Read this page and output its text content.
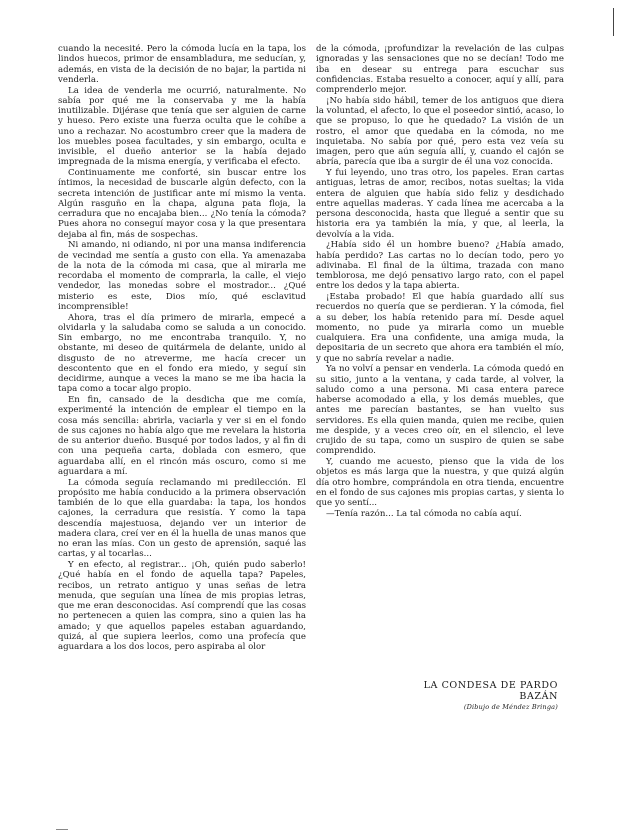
cuando la necesité. Pero la cómoda lucía en la tapa, los lindos huecos, primor de ensambladura, me seducían, y, además, en vista de la decisión de no bajar, la partida ni venderla.

La idea de venderla me ocurrió, naturalmente. No sabía por qué me la conservaba y me la había inutilizable. Dijérase que tenía que ser alguien de carne y hueso. Pero existe una fuerza oculta que le cohíbe a uno a rechazar. No acostumbro creer que la madera de los muebles posea facultades, y sin embargo, oculta e invisible, el dueño anterior se la había dejado impregnada de la misma energía, y verificaba el efecto.

Continuamente me conforté, sin buscar entre los íntimos, la necesidad de buscarle algún defecto, con la secreta intención de justificar ante mí mismo la venta. Algún rasguño en la chapa, alguna pata floja, la cerradura que no encajaba bien... ¿No tenía la cómoda? Pues ahora no conseguí mayor cosa y la que presentara dejaba al fin, más de sospechas.

Ni amando, ni odiando, ni por una mansa indiferencia de vecindad me sentía a gusto con ella. Ya amenazaba de la nota de la cómoda mi casa, que al mirarla me recordaba el momento de comprarla, la calle, el viejo vendedor, las monedas sobre el mostrador... ¿Qué misterio es este, Dios mío, qué esclavitud incomprensible!

Ahora, tras el día primero de mirarla, empecé a olvidarla y la saludaba como se saluda a un conocido. Sin embargo, no me encontraba tranquilo. Y, no obstante, mi deseo de quitármela de delante, unido al disgusto de no atreverme, me hacía crecer un descontento que en el fondo era miedo, y seguí sin decidirme, aunque a veces la mano se me iba hacia la tapa como a tocar algo propio.

En fin, cansado de la desdicha que me comía, experimenté la intención de emplear el tiempo en la cosa más sencilla: abrirla, vaciarla y ver si en el fondo de sus cajones no había algo que me revelara la historia de su anterior dueño. Busqué por todos lados, y al fin di con una pequeña carta, doblada con esmero, que aguardaba allí, en el rincón más oscuro, como si me aguardara a mí.

La cómoda seguía reclamando mi predilección. El propósito me había conducido a la primera observación también de lo que ella guardaba: la tapa, los hondos cajones, la cerradura que resistía. Y como la tapa descendía majestuosa, dejando ver un interior de madera clara, creí ver en él la huella de unas manos que no eran las mías. Con un gesto de aprensión, saqué las cartas, y al tocarlas...

Y en efecto, al registrar... ¡Oh, quién pudo saberlo! ¿Qué había en el fondo de aquella tapa? Papeles, recibos, un retrato antiguo y unas señas de letra menuda, que seguían una línea de mis propias letras, que me eran desconocidas. Así comprendí que las cosas no pertenecen a quien las compra, sino a quien las ha amado; y que aquellos papeles estaban aguardando, quizá, al que supiera leerlos, como una profecía que aguardara a los dos locos, pero aspiraba al olor

de la cómoda, ¡profundizar la revelación de las culpas ignoradas y las sensaciones que no se decían! Todo me iba en desear su entrega para escuchar sus confidencias. Estaba resuelto a conocer, aquí y allí, para comprenderlo mejor.

¡No había sido hábil, temer de los antiguos que diera la voluntad, el afecto, lo que el poseedor sintió, acaso, lo que se propuso, lo que he quedado? La visión de un rostro, el amor que quedaba en la cómoda, no me inquietaba. No sabía por qué, pero esta vez veía su imagen, pero que aún seguía allí, y, cuando el cajón se abría, parecía que iba a surgir de él una voz conocida.

Y fui leyendo, uno tras otro, los papeles. Eran cartas antiguas, letras de amor, recibos, notas sueltas; la vida entera de alguien que había sido feliz y desdichado entre aquellas maderas. Y cada línea me acercaba a la persona desconocida, hasta que llegué a sentir que su historia era ya también la mía, y que, al leerla, la devolvía a la vida.

¿Había sido él un hombre bueno? ¿Había amado, había perdido? Las cartas no lo decían todo, pero yo adivinaba. El final de la última, trazada con mano temblorosa, me dejó pensativo largo rato, con el papel entre los dedos y la tapa abierta.

¡Estaba probado! El que había guardado allí sus recuerdos no quería que se perdieran. Y la cómoda, fiel a su deber, los había retenido para mí. Desde aquel momento, no pude ya mirarla como un mueble cualquiera. Era una confidente, una amiga muda, la depositaria de un secreto que ahora era también el mío, y que no sabría revelar a nadie.

Ya no volví a pensar en venderla. La cómoda quedó en su sitio, junto a la ventana, y cada tarde, al volver, la saludo como a una persona. Mi casa entera parece haberse acomodado a ella, y los demás muebles, que antes me parecían bastantes, se han vuelto sus servidores. Es ella quien manda, quien me recibe, quien me despide, y a veces creo oír, en el silencio, el leve crujido de su tapa, como un suspiro de quien se sabe comprendido.

Y, cuando me acuesto, pienso que la vida de los objetos es más larga que la nuestra, y que quizá algún día otro hombre, comprándola en otra tienda, encuentre en el fondo de sus cajones mis propias cartas, y sienta lo que yo sentí...

—Tenía razón... La tal cómoda no cabía aquí.

LA CONDESA DE PARDO BAZÁN
(Dibujo de Méndez Bringa)
